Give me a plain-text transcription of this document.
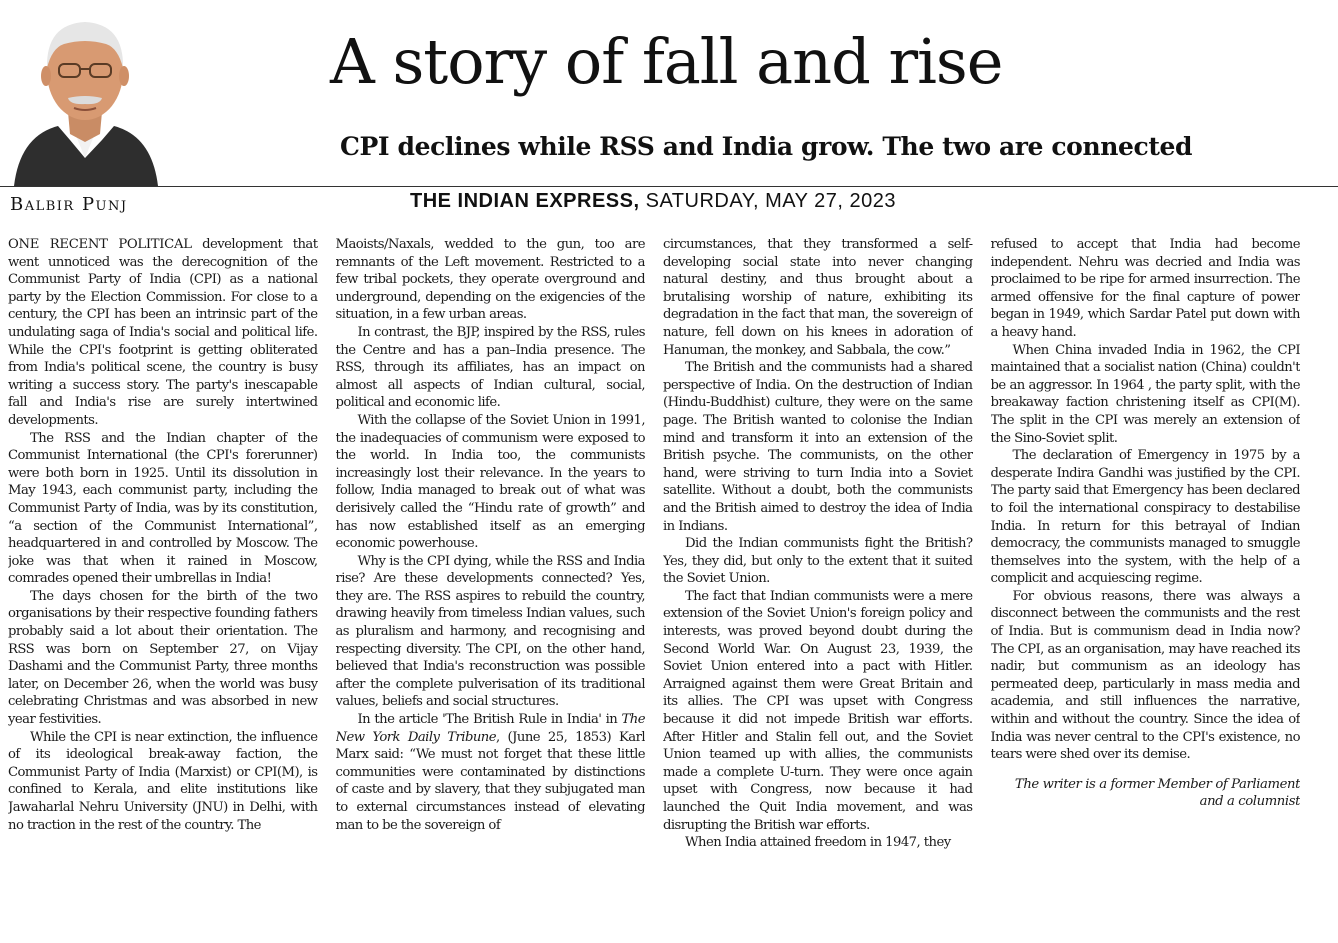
A story of fall and rise
CPI declines while RSS and India grow. The two are connected
Balbir Punj	THE INDIAN EXPRESS, SATURDAY, MAY 27, 2023

ONE RECENT POLITICAL development that went unnoticed was the derecognition of the Communist Party of India (CPI) as a national party by the Election Commission. For close to a century, the CPI has been an intrinsic part of the undulating saga of India's social and political life. While the CPI's footprint is getting obliterated from India's political scene, the country is busy writing a success story. The party's inescapable fall and India's rise are surely intertwined developments.

The RSS and the Indian chapter of the Communist International (the CPI's forerunner) were both born in 1925. Until its dissolution in May 1943, each communist party, including the Communist Party of India, was by its constitution, “a section of the Communist International”, headquartered in and controlled by Moscow. The joke was that when it rained in Moscow, comrades opened their umbrellas in India!

The days chosen for the birth of the two organisations by their respective founding fathers probably said a lot about their orientation. The RSS was born on September 27, on Vijay Dashami and the Communist Party, three months later, on December 26, when the world was busy celebrating Christmas and was absorbed in new year festivities.

While the CPI is near extinction, the influence of its ideological break-away faction, the Communist Party of India (Marxist) or CPI(M), is confined to Kerala, and elite institutions like Jawaharlal Nehru University (JNU) in Delhi, with no traction in the rest of the country. The

Maoists/Naxals, wedded to the gun, too are remnants of the Left movement. Restricted to a few tribal pockets, they operate overground and underground, depending on the exigencies of the situation, in a few urban areas.

In contrast, the BJP, inspired by the RSS, rules the Centre and has a pan–India presence. The RSS, through its affiliates, has an impact on almost all aspects of Indian cultural, social, political and economic life.

With the collapse of the Soviet Union in 1991, the inadequacies of communism were exposed to the world. In India too, the communists increasingly lost their relevance. In the years to follow, India managed to break out of what was derisively called the “Hindu rate of growth” and has now established itself as an emerging economic powerhouse.

Why is the CPI dying, while the RSS and India rise? Are these developments connected? Yes, they are. The RSS aspires to rebuild the country, drawing heavily from timeless Indian values, such as pluralism and harmony, and recognising and respecting diversity. The CPI, on the other hand, believed that India's reconstruction was possible after the complete pulverisation of its traditional values, beliefs and social structures.

In the article 'The British Rule in India' in The New York Daily Tribune, (June 25, 1853) Karl Marx said: “We must not forget that these little communities were contaminated by distinctions of caste and by slavery, that they subjugated man to external circumstances instead of elevating man to be the sovereign of

circumstances, that they transformed a self-developing social state into never changing natural destiny, and thus brought about a brutalising worship of nature, exhibiting its degradation in the fact that man, the sovereign of nature, fell down on his knees in adoration of Hanuman, the monkey, and Sabbala, the cow.”

The British and the communists had a shared perspective of India. On the destruction of Indian (Hindu-Buddhist) culture, they were on the same page. The British wanted to colonise the Indian mind and transform it into an extension of the British psyche. The communists, on the other hand, were striving to turn India into a Soviet satellite. Without a doubt, both the communists and the British aimed to destroy the idea of India in Indians.

Did the Indian communists fight the British? Yes, they did, but only to the extent that it suited the Soviet Union.

The fact that Indian communists were a mere extension of the Soviet Union's foreign policy and interests, was proved beyond doubt during the Second World War. On August 23, 1939, the Soviet Union entered into a pact with Hitler. Arraigned against them were Great Britain and its allies. The CPI was upset with Congress because it did not impede British war efforts. After Hitler and Stalin fell out, and the Soviet Union teamed up with allies, the communists made a complete U-turn. They were once again upset with Congress, now because it had launched the Quit India movement, and was disrupting the British war efforts.

When India attained freedom in 1947, they

refused to accept that India had become independent. Nehru was decried and India was proclaimed to be ripe for armed insurrection. The armed offensive for the final capture of power began in 1949, which Sardar Patel put down with a heavy hand.

When China invaded India in 1962, the CPI maintained that a socialist nation (China) couldn't be an aggressor. In 1964 , the party split, with the breakaway faction christening itself as CPI(M). The split in the CPI was merely an extension of the Sino-Soviet split.

The declaration of Emergency in 1975 by a desperate Indira Gandhi was justified by the CPI. The party said that Emergency has been declared to foil the international conspiracy to destabilise India. In return for this betrayal of Indian democracy, the communists managed to smuggle themselves into the system, with the help of a complicit and acquiescing regime.

For obvious reasons, there was always a disconnect between the communists and the rest of India. But is communism dead in India now? The CPI, as an organisation, may have reached its nadir, but communism as an ideology has permeated deep, particularly in mass media and academia, and still influences the narrative, within and without the country. Since the idea of India was never central to the CPI's existence, no tears were shed over its demise.

The writer is a former Member of Parliament
and a columnist
